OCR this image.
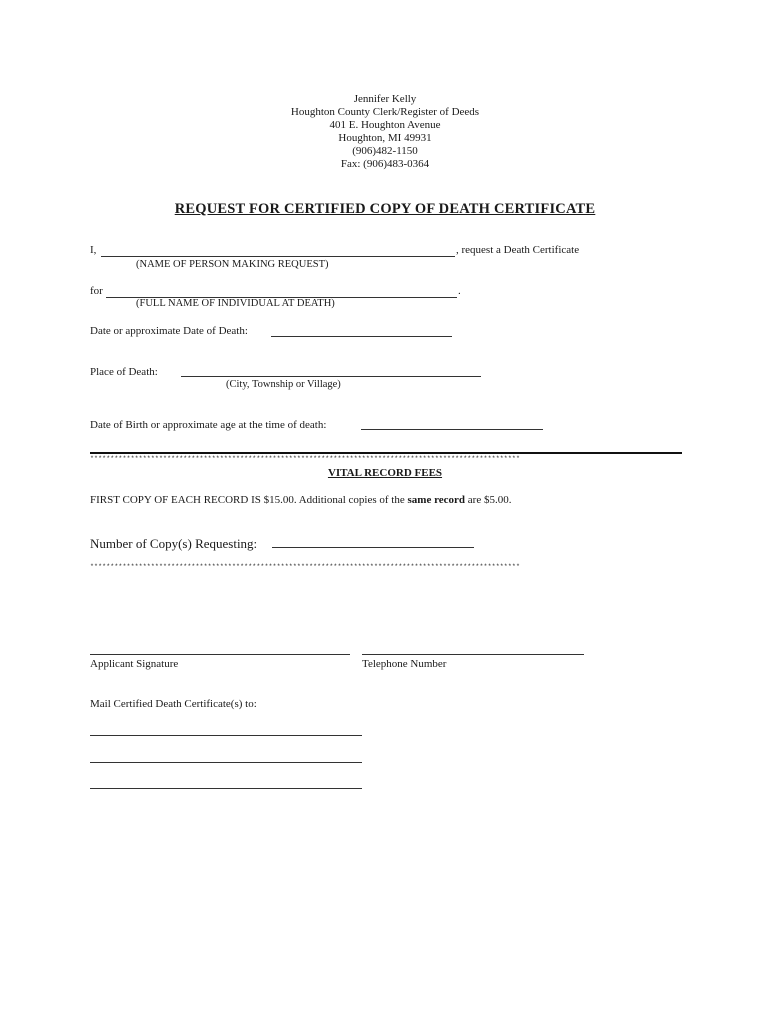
Jennifer Kelly
Houghton County Clerk/Register of Deeds
401 E. Houghton Avenue
Houghton, MI 49931
(906)482-1150
Fax: (906)483-0364
REQUEST FOR CERTIFIED COPY OF DEATH CERTIFICATE
I,	, request a Death Certificate
(NAME OF PERSON MAKING REQUEST)
for	.
(FULL NAME OF INDIVIDUAL AT DEATH)
Date or approximate Date of Death:
Place of Death:
(City, Township or Village)
Date of Birth or approximate age at the time of death:
**********************************************************************************************************
VITAL RECORD FEES
FIRST COPY OF EACH RECORD IS $15.00. Additional copies of the same record are $5.00.
Number of Copy(s) Requesting:
**********************************************************************************************************
Applicant Signature	Telephone Number
Mail Certified Death Certificate(s) to:
